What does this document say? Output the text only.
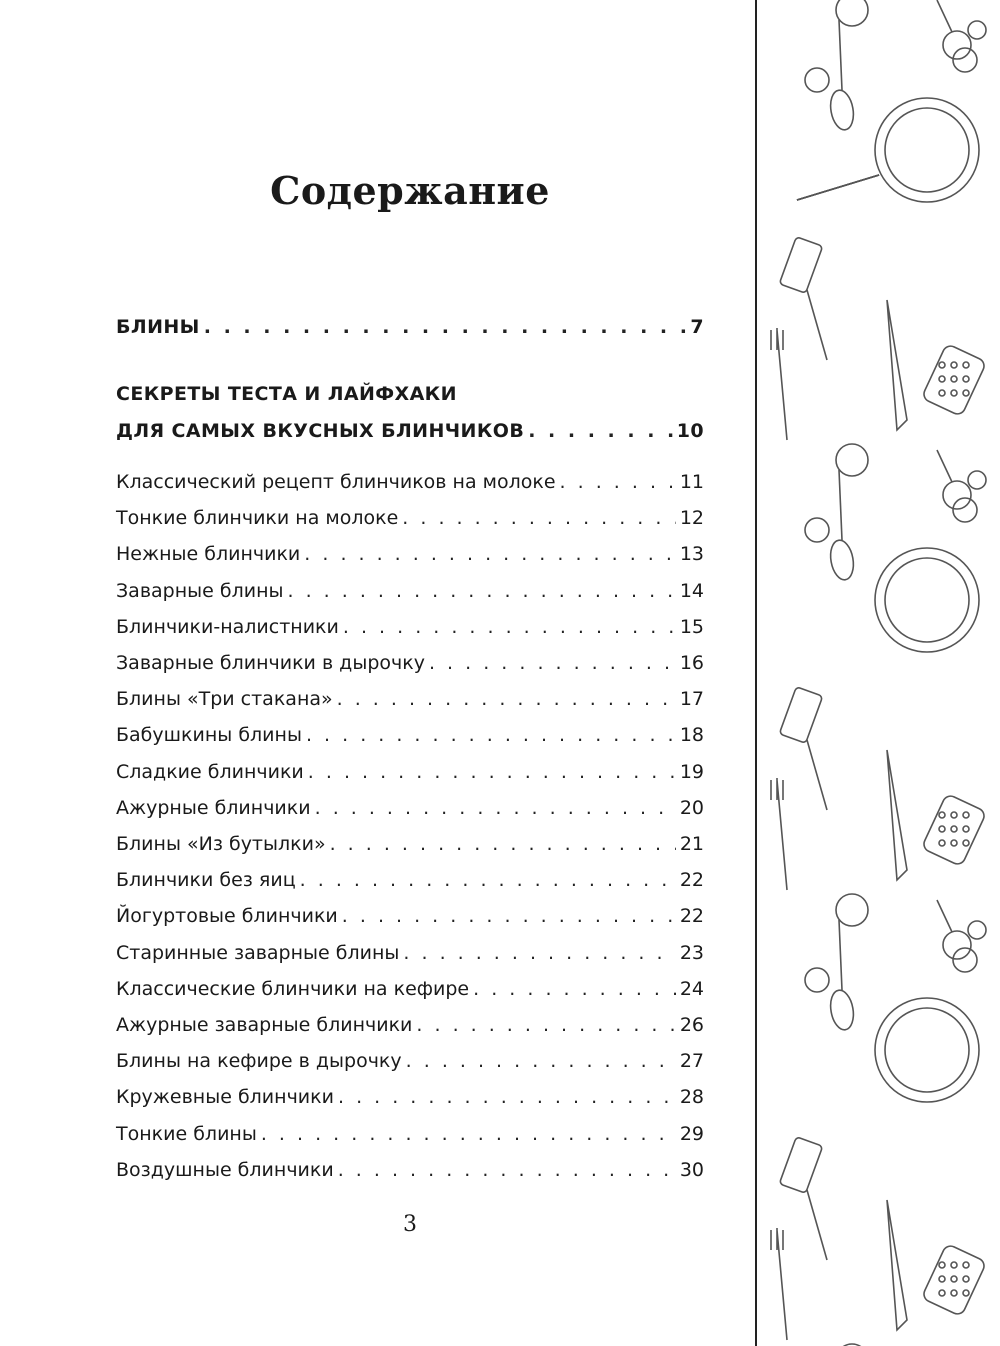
Содержание
БЛИНЫ . . .	7
СЕКРЕТЫ ТЕСТА И ЛАЙФХАКИ
ДЛЯ САМЫХ ВКУСНЫХ БЛИНЧИКОВ . . .	10
Классический рецепт блинчиков на молоке . . .	11
Тонкие блинчики на молоке . . .	12
Нежные блинчики . . .	13
Заварные блины . . .	14
Блинчики-налистники . . .	15
Заварные блинчики в дырочку . . .	16
Блины «Три стакана» . . .	17
Бабушкины блины . . .	18
Сладкие блинчики . . .	19
Ажурные блинчики . . .	20
Блины «Из бутылки» . . .	21
Блинчики без яиц . . .	22
Йогуртовые блинчики . . .	22
Старинные заварные блины . . .	23
Классические блинчики на кефире . . .	24
Ажурные заварные блинчики . . .	26
Блины на кефире в дырочку . . .	27
Кружевные блинчики . . .	28
Тонкие блины . . .	29
Воздушные блинчики . . .	30
3
